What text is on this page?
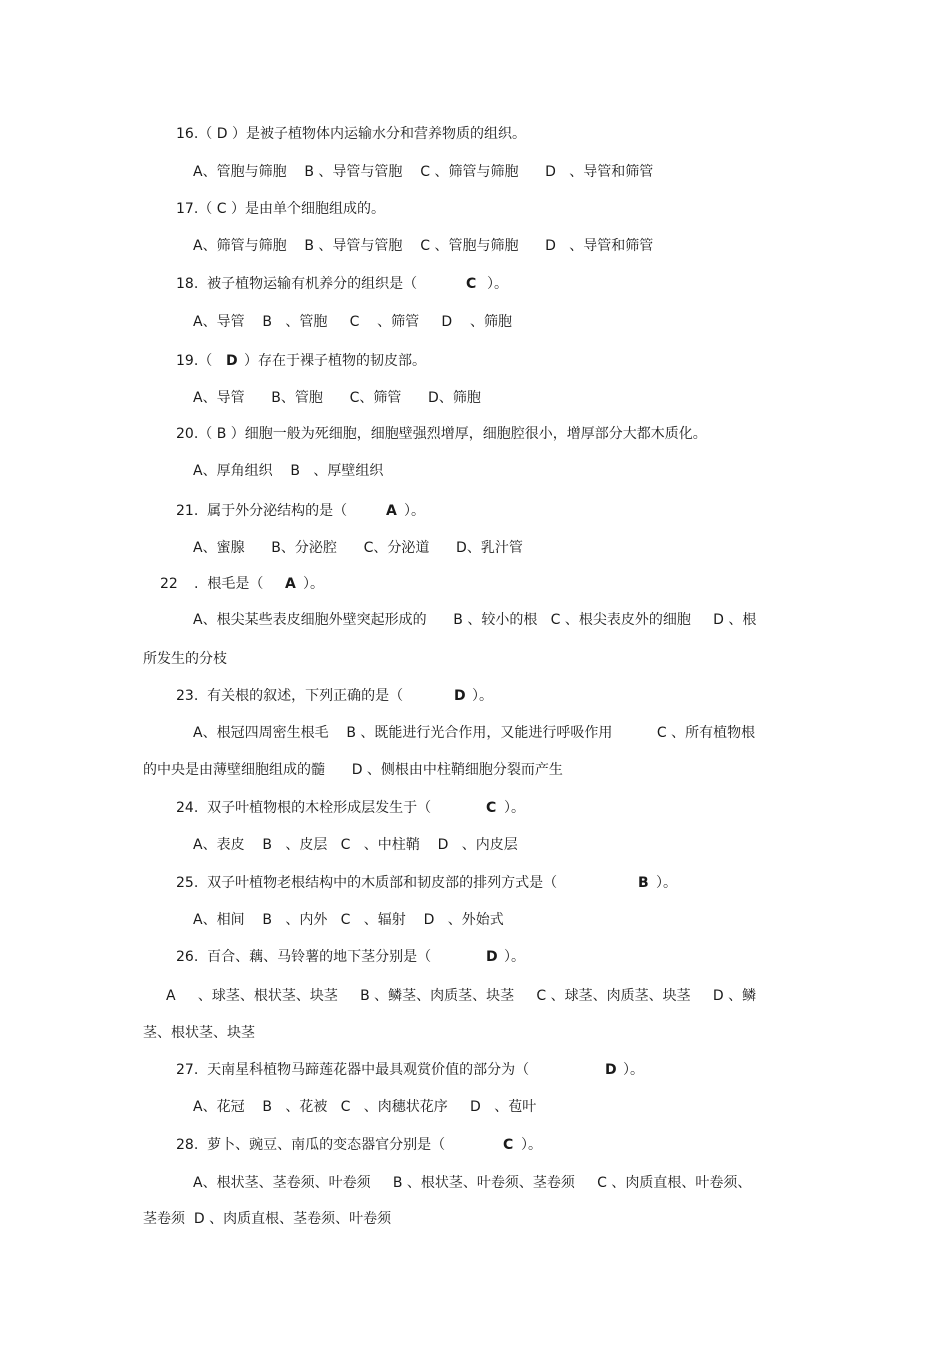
16.（ D ）是被子植物体内运输水分和营养物质的组织。
A、管胞与筛胞    B 、导管与管胞    C 、筛管与筛胞      D   、导管和筛管
17.（ C ）是由单个细胞组成的。
A、筛管与筛胞    B 、导管与管胞    C 、管胞与筛胞      D   、导管和筛管
18.  被子植物运输有机养分的组织是（	C ）。
A、导管    B   、管胞     C    、筛管     D    、筛胞
19.（ D ）存在于裸子植物的韧皮部。
A、导管      B、管胞      C、筛管      D、筛胞
20.（ B ）细胞一般为死细胞，细胞壁强烈增厚，细胞腔很小，增厚部分大都木质化。
A、厚角组织    B   、厚壁组织
21.  属于外分泌结构的是（	A ）。
A、蜜腺      B、分泌腔      C、分泌道      D、乳汁管
22 .  根毛是（ A ）。
A、根尖某些表皮细胞外壁突起形成的      B 、较小的根   C 、根尖表皮外的细胞     D 、根
所发生的分枝
23.  有关根的叙述，下列正确的是（	D ）。
A、根冠四周密生根毛    B 、既能进行光合作用，又能进行呼吸作用          C 、所有植物根
的中央是由薄壁细胞组成的髓      D 、侧根由中柱鞘细胞分裂而产生
24.  双子叶植物根的木栓形成层发生于（	C ）。
A、表皮    B   、皮层   C   、中柱鞘    D   、内皮层
25.  双子叶植物老根结构中的木质部和韧皮部的排列方式是（	B ）。
A、相间    B   、内外   C   、辐射    D   、外始式
26.  百合、藕、马铃薯的地下茎分别是（	D ）。
A     、球茎、根状茎、块茎     B 、鳞茎、肉质茎、块茎     C 、球茎、肉质茎、块茎     D 、鳞
茎、根状茎、块茎
27.  天南星科植物马蹄莲花器中最具观赏价值的部分为（	D ）。
A、花冠    B   、花被   C   、肉穗状花序     D   、苞叶
28.  萝卜、豌豆、南瓜的变态器官分别是（	C ）。
A、根状茎、茎卷须、叶卷须     B 、根状茎、叶卷须、茎卷须     C 、肉质直根、叶卷须、
茎卷须  D 、肉质直根、茎卷须、叶卷须
